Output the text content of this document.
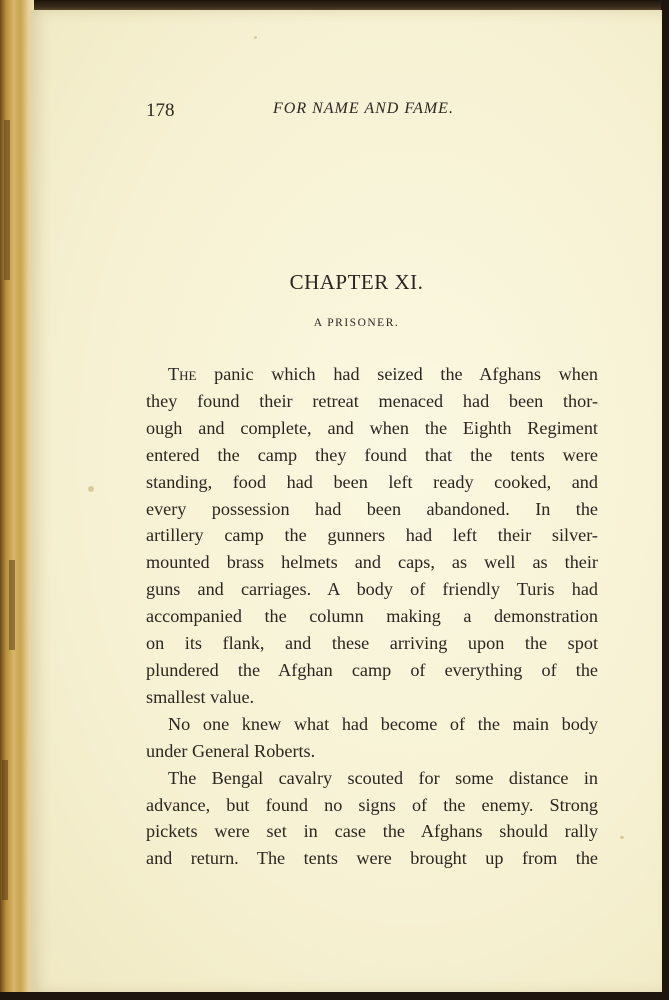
178	FOR NAME AND FAME.
CHAPTER XI.
A PRISONER.
The panic which had seized the Afghans when
they found their retreat menaced had been thor-
ough and complete, and when the Eighth Regiment
entered the camp they found that the tents were
standing, food had been left ready cooked, and
every possession had been abandoned. In the
artillery camp the gunners had left their silver-
mounted brass helmets and caps, as well as their
guns and carriages. A body of friendly Turis had
accompanied the column making a demonstration
on its flank, and these arriving upon the spot
plundered the Afghan camp of everything of the
smallest value.
No one knew what had become of the main body
under General Roberts.
The Bengal cavalry scouted for some distance in
advance, but found no signs of the enemy. Strong
pickets were set in case the Afghans should rally
and return. The tents were brought up from the
